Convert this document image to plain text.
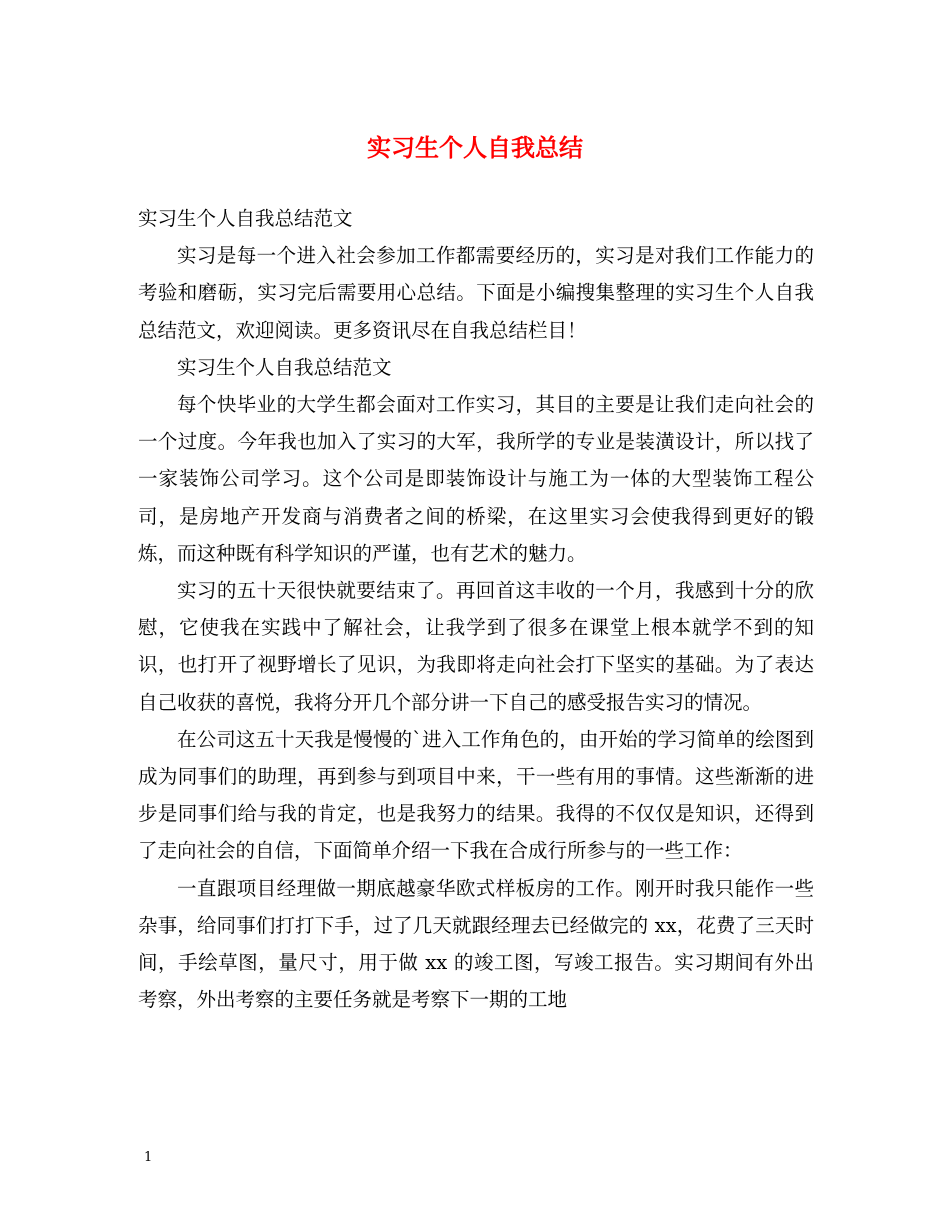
实习生个人自我总结

实习生个人自我总结范文

实习是每一个进入社会参加工作都需要经历的，实习是对我们工作能力的考验和磨砺，实习完后需要用心总结。下面是小编搜集整理的实习生个人自我总结范文，欢迎阅读。更多资讯尽在自我总结栏目！

实习生个人自我总结范文

每个快毕业的大学生都会面对工作实习，其目的主要是让我们走向社会的一个过度。今年我也加入了实习的大军，我所学的专业是装潢设计，所以找了一家装饰公司学习。这个公司是即装饰设计与施工为一体的大型装饰工程公司，是房地产开发商与消费者之间的桥梁，在这里实习会使我得到更好的锻炼，而这种既有科学知识的严谨，也有艺术的魅力。

实习的五十天很快就要结束了。再回首这丰收的一个月，我感到十分的欣慰，它使我在实践中了解社会，让我学到了很多在课堂上根本就学不到的知识，也打开了视野增长了见识，为我即将走向社会打下坚实的基础。为了表达自己收获的喜悦，我将分开几个部分讲一下自己的感受报告实习的情况。

在公司这五十天我是慢慢的`进入工作角色的，由开始的学习简单的绘图到成为同事们的助理，再到参与到项目中来，干一些有用的事情。这些渐渐的进步是同事们给与我的肯定，也是我努力的结果。我得的不仅仅是知识，还得到了走向社会的自信，下面简单介绍一下我在合成行所参与的一些工作：

一直跟项目经理做一期底越豪华欧式样板房的工作。刚开时我只能作一些杂事，给同事们打打下手，过了几天就跟经理去已经做完的 xx，花费了三天时间，手绘草图，量尺寸，用于做 xx 的竣工图，写竣工报告。实习期间有外出考察，外出考察的主要任务就是考察下一期的工地

1
